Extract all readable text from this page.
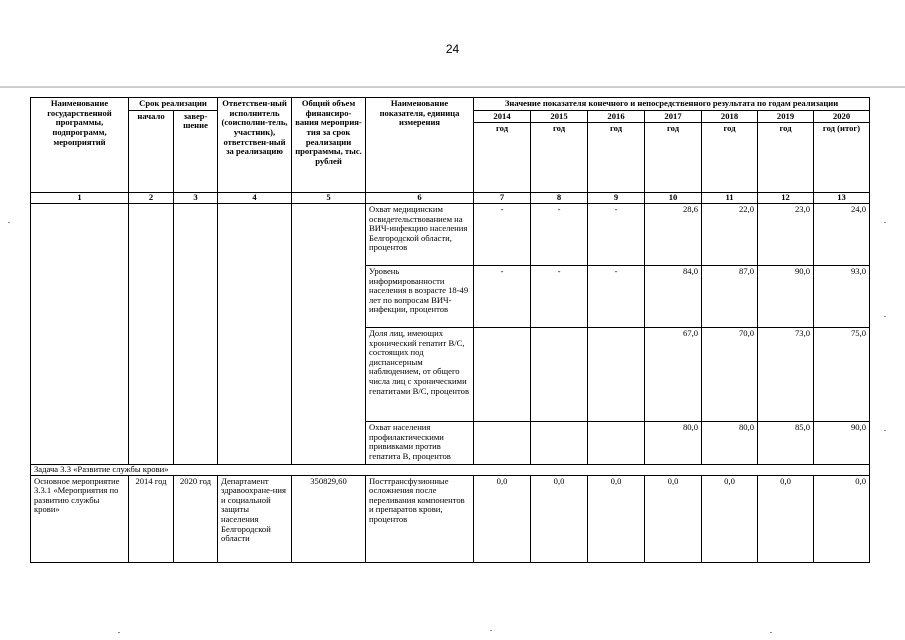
24
Наименование государственной программы, подпрограмм, мероприятий	Срок реализации		Ответствен-ный исполнитель (соисполни-тель, участник), ответствен-ный за реализацию	Общий объем финансиро-вания мероприя-тия за срок реализации программы, тыс. рублей	Наименование показателя, единица измерения	Значение показателя конечного и непосредственного результата по годам реализации						
	начало	завер-шение				2014	2015	2016	2017	2018	2019	2020
						год	год	год	год	год	год	год (итог)
1	2	3	4	5	6	7	8	9	10	11	12	13
					Охват медицинским освидетельствованием на ВИЧ-инфекцию населения Белгородской области, процентов	-	-	-	28,6	22,0	23,0	24,0
					Уровень информированности населения в возрасте 18-49 лет по вопросам ВИЧ-инфекции, процентов	-	-	-	84,0	87,0	90,0	93,0
					Доля лиц, имеющих хронический гепатит В/С, состоящих под диспансерным наблюдением, от общего числа лиц с хроническими гепатитами В/С, процентов				67,0	70,0	73,0	75,0
					Охват населения профилактическими прививками против гепатита В, процентов				80,0	80,0	85,0	90,0
Задача 3.3 «Развитие службы крови»												
Основное мероприятие 3.3.1 «Мероприятия по развитию службы крови»	2014 год	2020 год	Департамент здравоохране-ния и социальной защиты населения Белгородской области	350829,60	Посттрансфузионные осложнения после переливания компонентов и препаратов крови, процентов	0,0	0,0	0,0	0,0	0,0	0,0	0,0
